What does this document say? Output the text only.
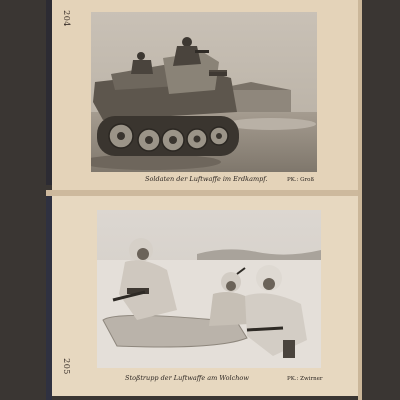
204
205
Soldaten der Luftwaffe im Erdkampf.	PK.: Groß
Stoßtrupp der Luftwaffe am Wolchow	PK.: Zwirner
